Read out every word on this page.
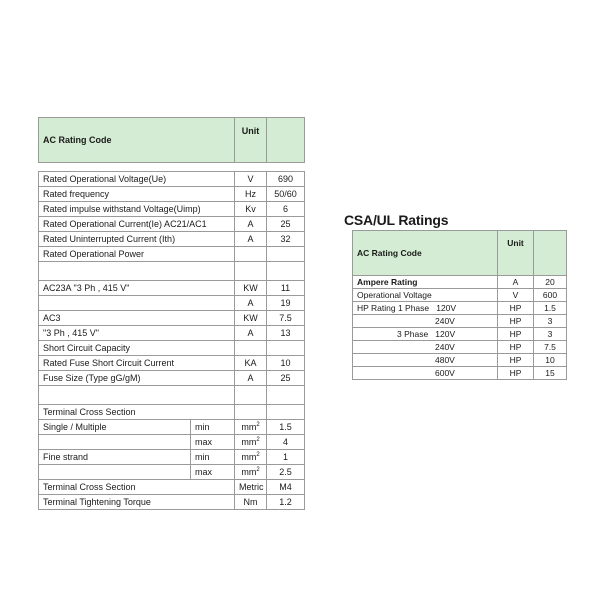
AC Rating Code		Unit	

Rated Operational Voltage(Ue)		V	690
Rated frequency		Hz	50/60
Rated impulse withstand Voltage(Uimp)		Kv	6
Rated Operational Current(Ie) AC21/AC1		A	25
Rated Uninterrupted Current (Ith)		A	32
Rated Operational Power			

AC23A "3 Ph , 415 V"		KW	11
		A	19
AC3		KW	7.5
"3 Ph , 415 V"		A	13
Short Circuit Capacity			
Rated Fuse Short Circuit Current		KA	10
Fuse Size (Type gG/gM)		A	25

Terminal Cross Section			
Single / Multiple	min	$mm^2$	1.5
	max	$mm^2$	4
Fine strand	min	$mm^2$	1
	max	$mm^2$	2.5
Terminal Cross Section		Metric	M4
Terminal Tightening Torque		Nm	1.2
CSA/UL Ratings
AC Rating Code	Unit	
Ampere Rating	A	20
Operational Voltage	V	600
HP Rating 1 Phase   120V	HP	1.5
240V	HP	3
3 Phase   120V	HP	3
240V	HP	7.5
480V	HP	10
600V	HP	15
